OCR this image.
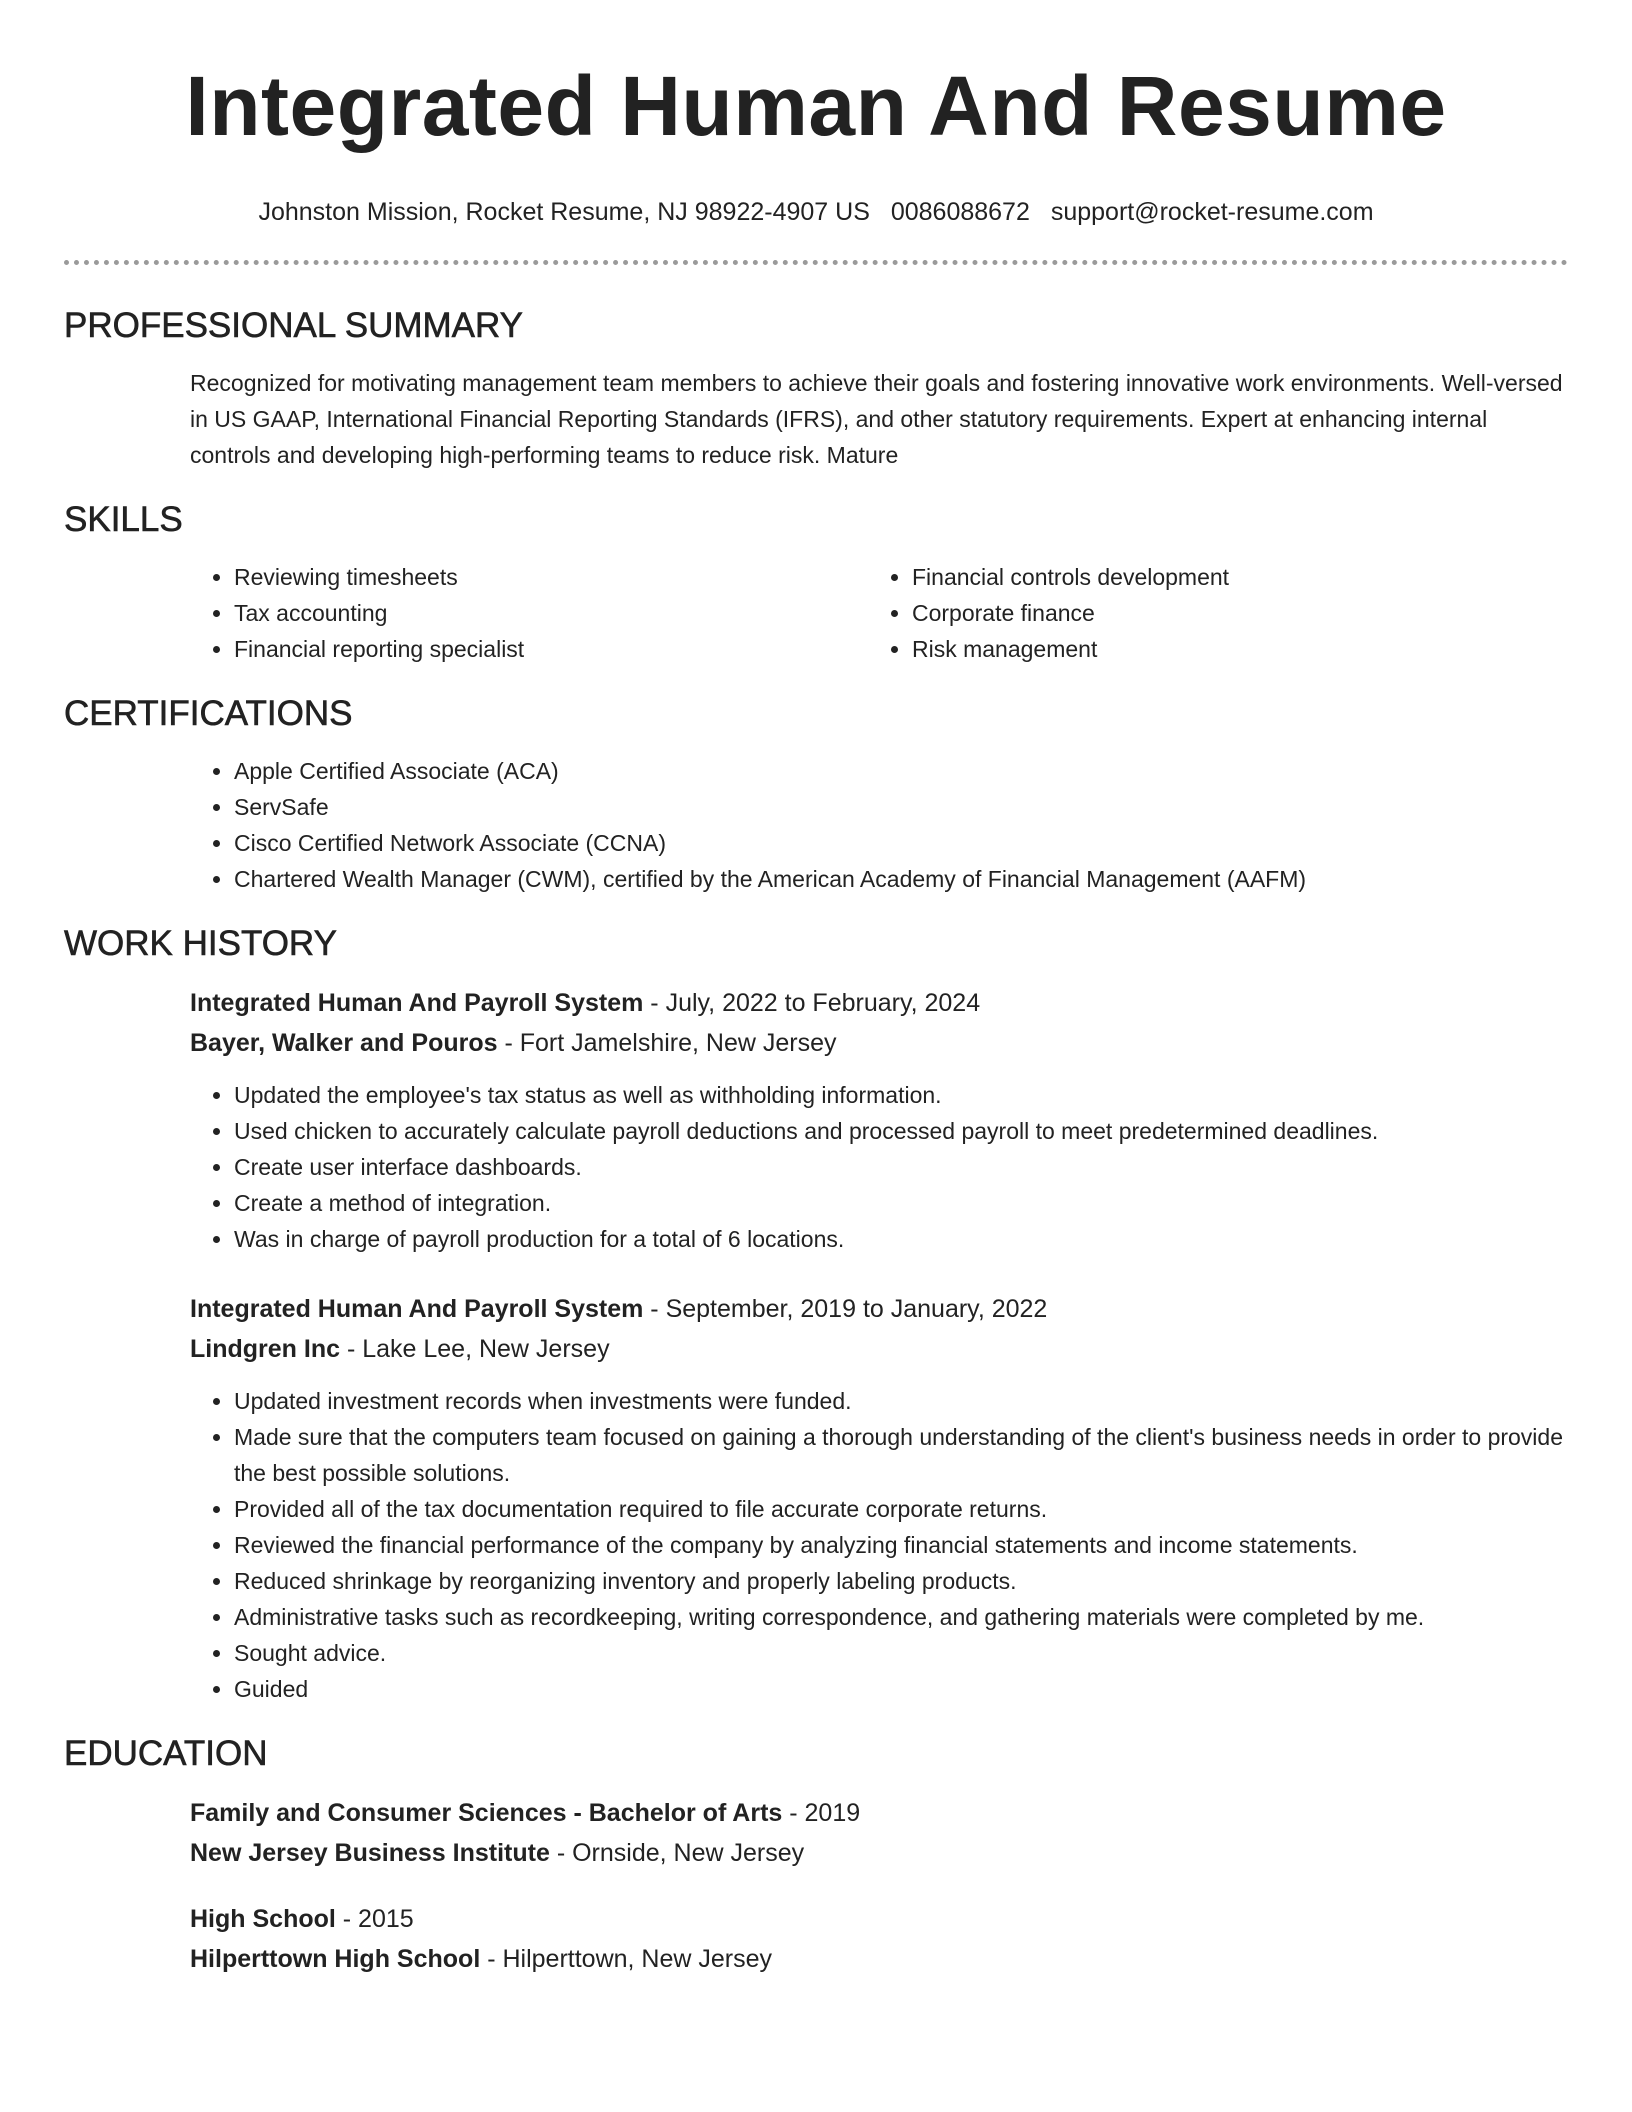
Integrated Human And Resume
Johnston Mission, Rocket Resume, NJ 98922-4907 US 0086088672 support@rocket-resume.com
PROFESSIONAL SUMMARY

Recognized for motivating management team members to achieve their goals and fostering innovative work environments. Well-versed in US GAAP, International Financial Reporting Standards (IFRS), and other statutory requirements. Expert at enhancing internal controls and developing high-performing teams to reduce risk. Mature

SKILLS
• Reviewing timesheets
• Tax accounting
• Financial reporting specialist
• Financial controls development
• Corporate finance
• Risk management
CERTIFICATIONS
• Apple Certified Associate (ACA)
• ServSafe
• Cisco Certified Network Associate (CCNA)
• Chartered Wealth Manager (CWM), certified by the American Academy of Financial Management (AAFM)
WORK HISTORY
Integrated Human And Payroll System - July, 2022 to February, 2024
Bayer, Walker and Pouros - Fort Jamelshire, New Jersey
• Updated the employee's tax status as well as withholding information.
• Used chicken to accurately calculate payroll deductions and processed payroll to meet predetermined deadlines.
• Create user interface dashboards.
• Create a method of integration.
• Was in charge of payroll production for a total of 6 locations.
Integrated Human And Payroll System - September, 2019 to January, 2022
Lindgren Inc - Lake Lee, New Jersey
• Updated investment records when investments were funded.
• Made sure that the computers team focused on gaining a thorough understanding of the client's business needs in order to provide the best possible solutions.
• Provided all of the tax documentation required to file accurate corporate returns.
• Reviewed the financial performance of the company by analyzing financial statements and income statements.
• Reduced shrinkage by reorganizing inventory and properly labeling products.
• Administrative tasks such as recordkeeping, writing correspondence, and gathering materials were completed by me.
• Sought advice.
• Guided
EDUCATION
Family and Consumer Sciences - Bachelor of Arts - 2019
New Jersey Business Institute - Ornside, New Jersey
High School - 2015
Hilperttown High School - Hilperttown, New Jersey
